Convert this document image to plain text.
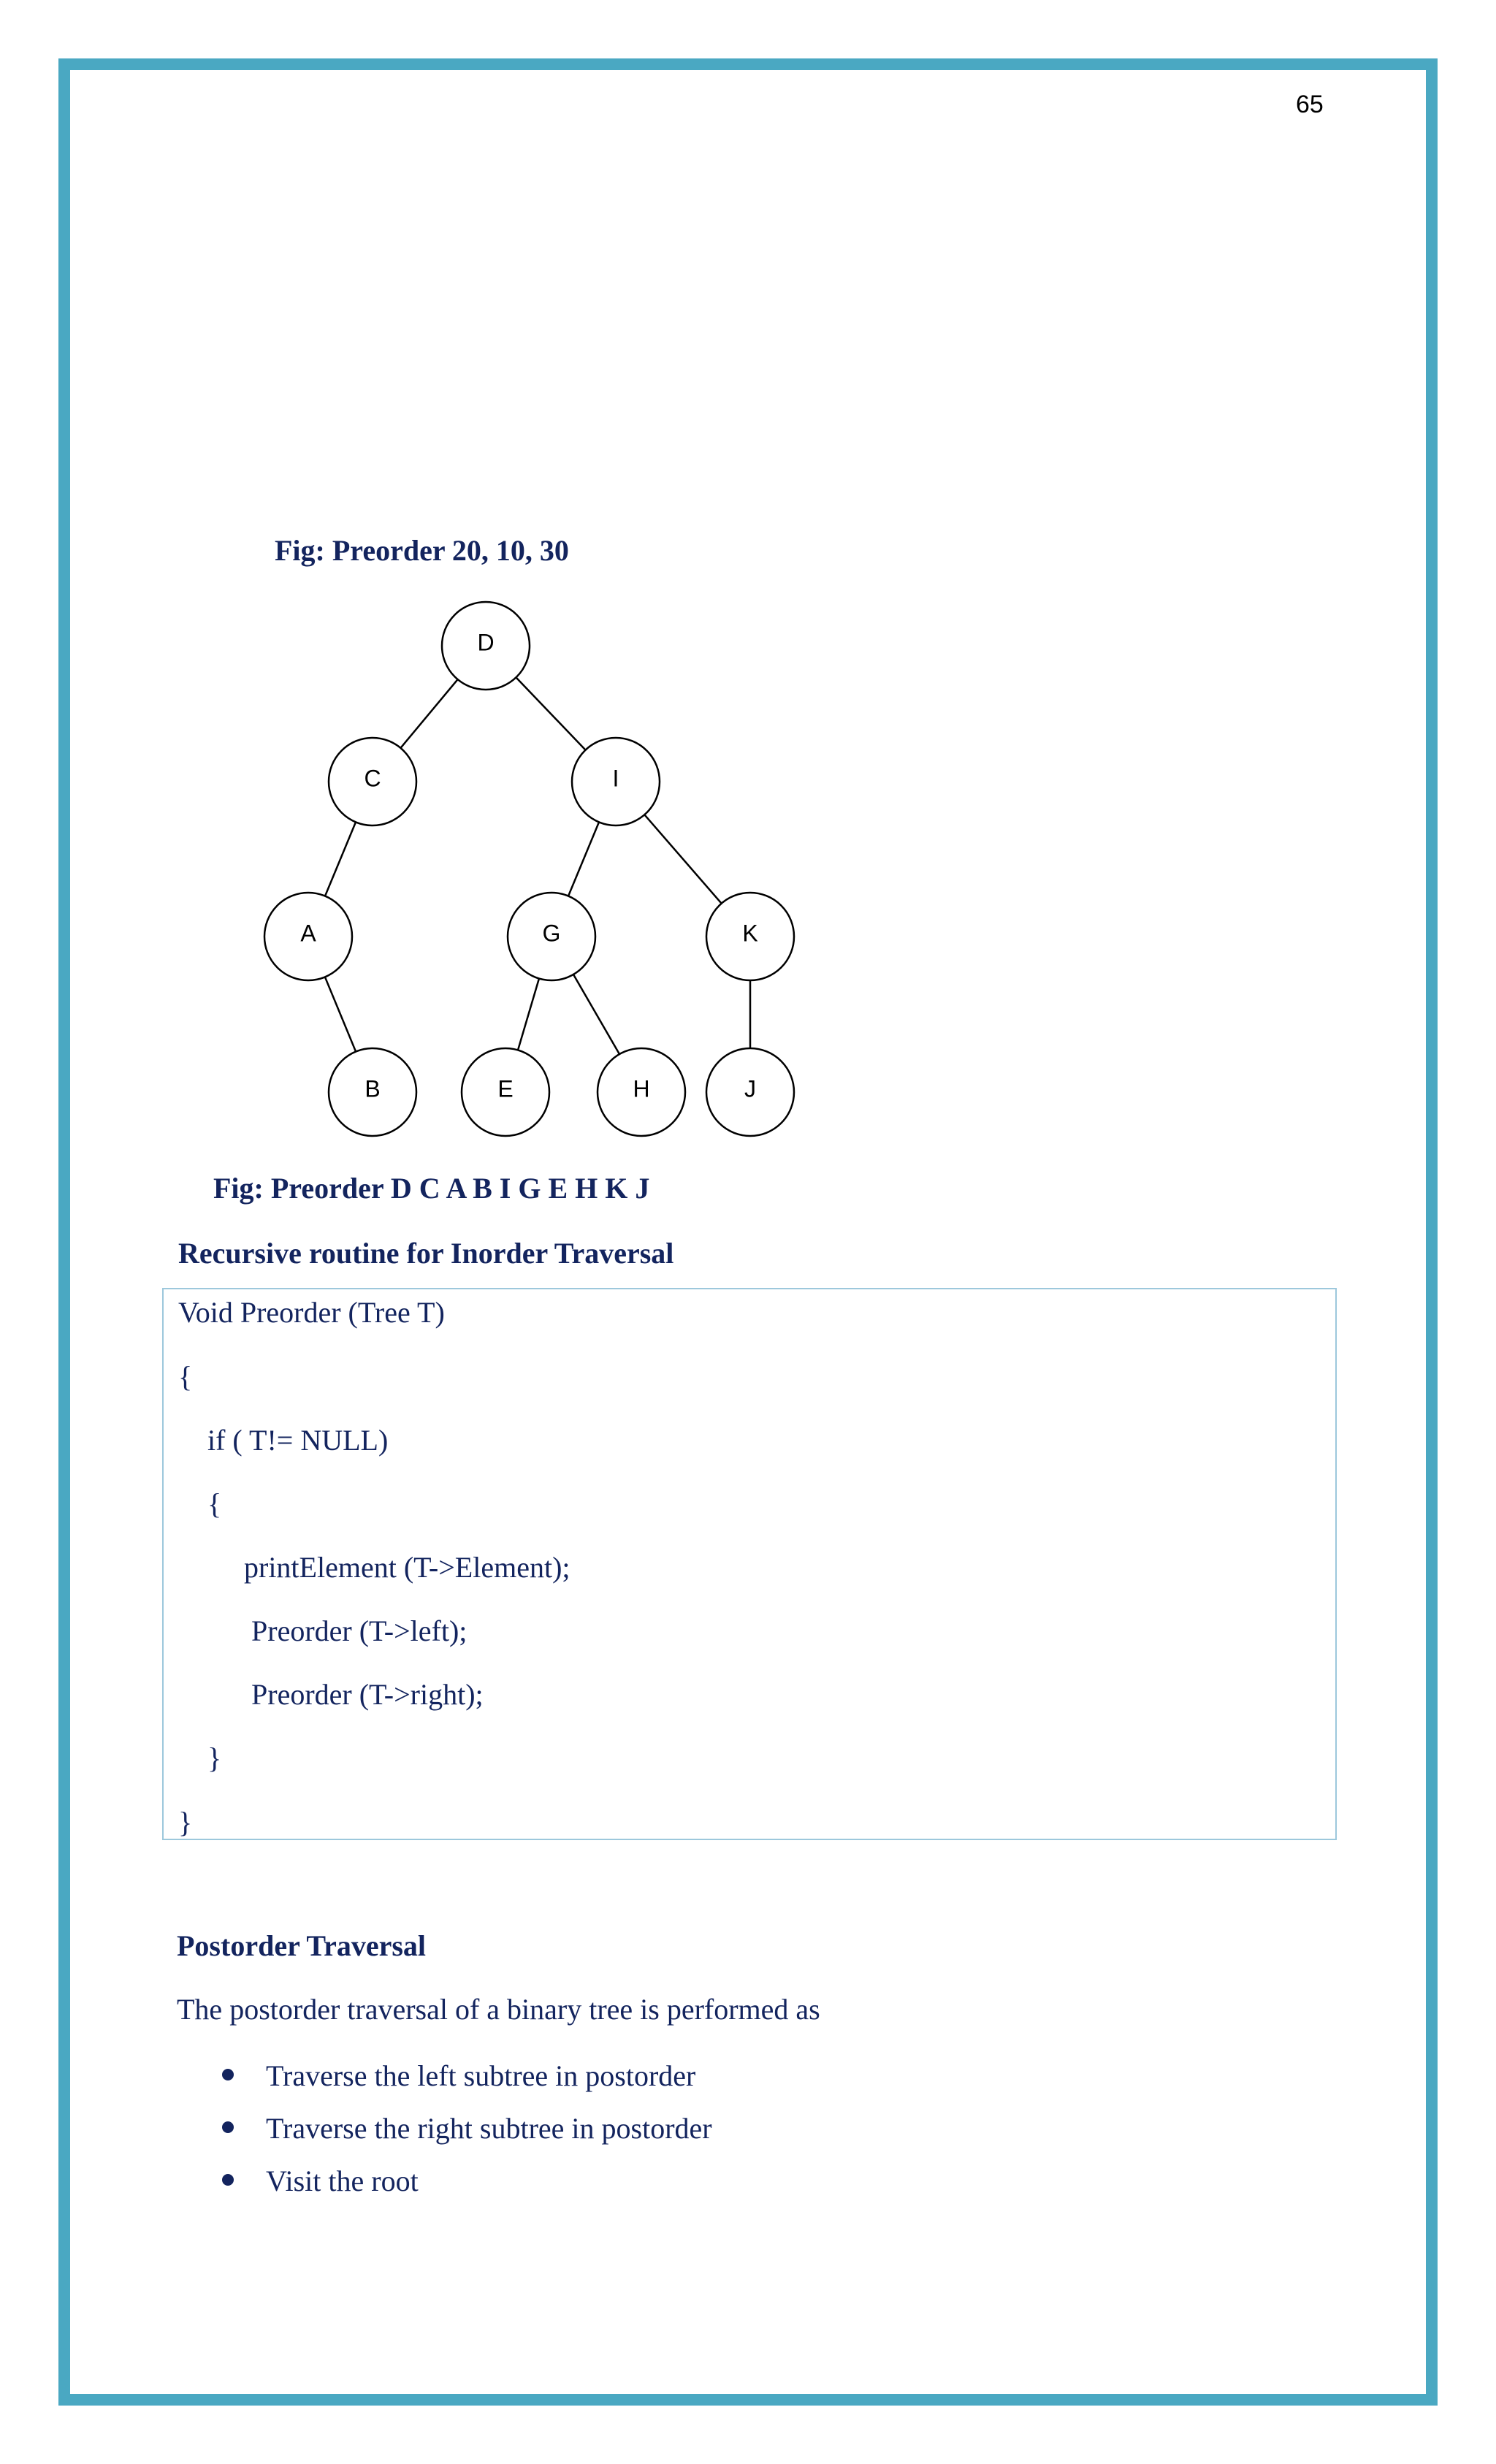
65
Fig: Preorder 20, 10, 30
D
C	I
A	G	K
B	E	H	J
Fig: Preorder D C A B I G E H K J
Recursive routine for Inorder Traversal
Void Preorder (Tree T)
{
if ( T!= NULL)
{
printElement (T->Element);
Preorder (T->left);
Preorder (T->right);
}
}
Postorder Traversal
The postorder traversal of a binary tree is performed as
Traverse the left subtree in postorder
Traverse the right subtree in postorder
Visit the root
